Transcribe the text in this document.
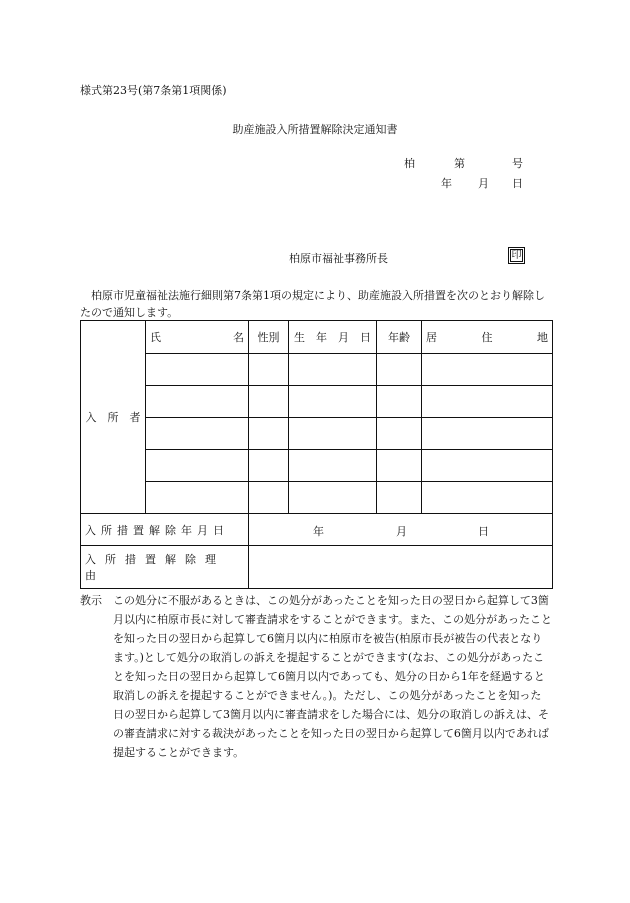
様式第23号(第7条第1項関係)
助産施設入所措置解除決定通知書
柏	第	号
年 月 日
柏原市福祉事務所長	印
柏原市児童福祉法施行細則第7条第1項の規定により、助産施設入所措置を次のとおり解除したので通知します。
入　所　者	氏 名	性別	生　年　月　日	年齢	居 住 地

入所措置解除年月日		年 月 日			

入所措置解除理由					
教示 この処分に不服があるときは、この処分があったことを知った日の翌日から起算して3箇月以内に柏原市長に対して審査請求をすることができます。また、この処分があったことを知った日の翌日から起算して6箇月以内に柏原市を被告(柏原市長が被告の代表となります。)として処分の取消しの訴えを提起することができます(なお、この処分があったことを知った日の翌日から起算して6箇月以内であっても、処分の日から1年を経過すると取消しの訴えを提起することができません。)。ただし、この処分があったことを知った日の翌日から起算して3箇月以内に審査請求をした場合には、処分の取消しの訴えは、その審査請求に対する裁決があったことを知った日の翌日から起算して6箇月以内であれば提起することができます。
